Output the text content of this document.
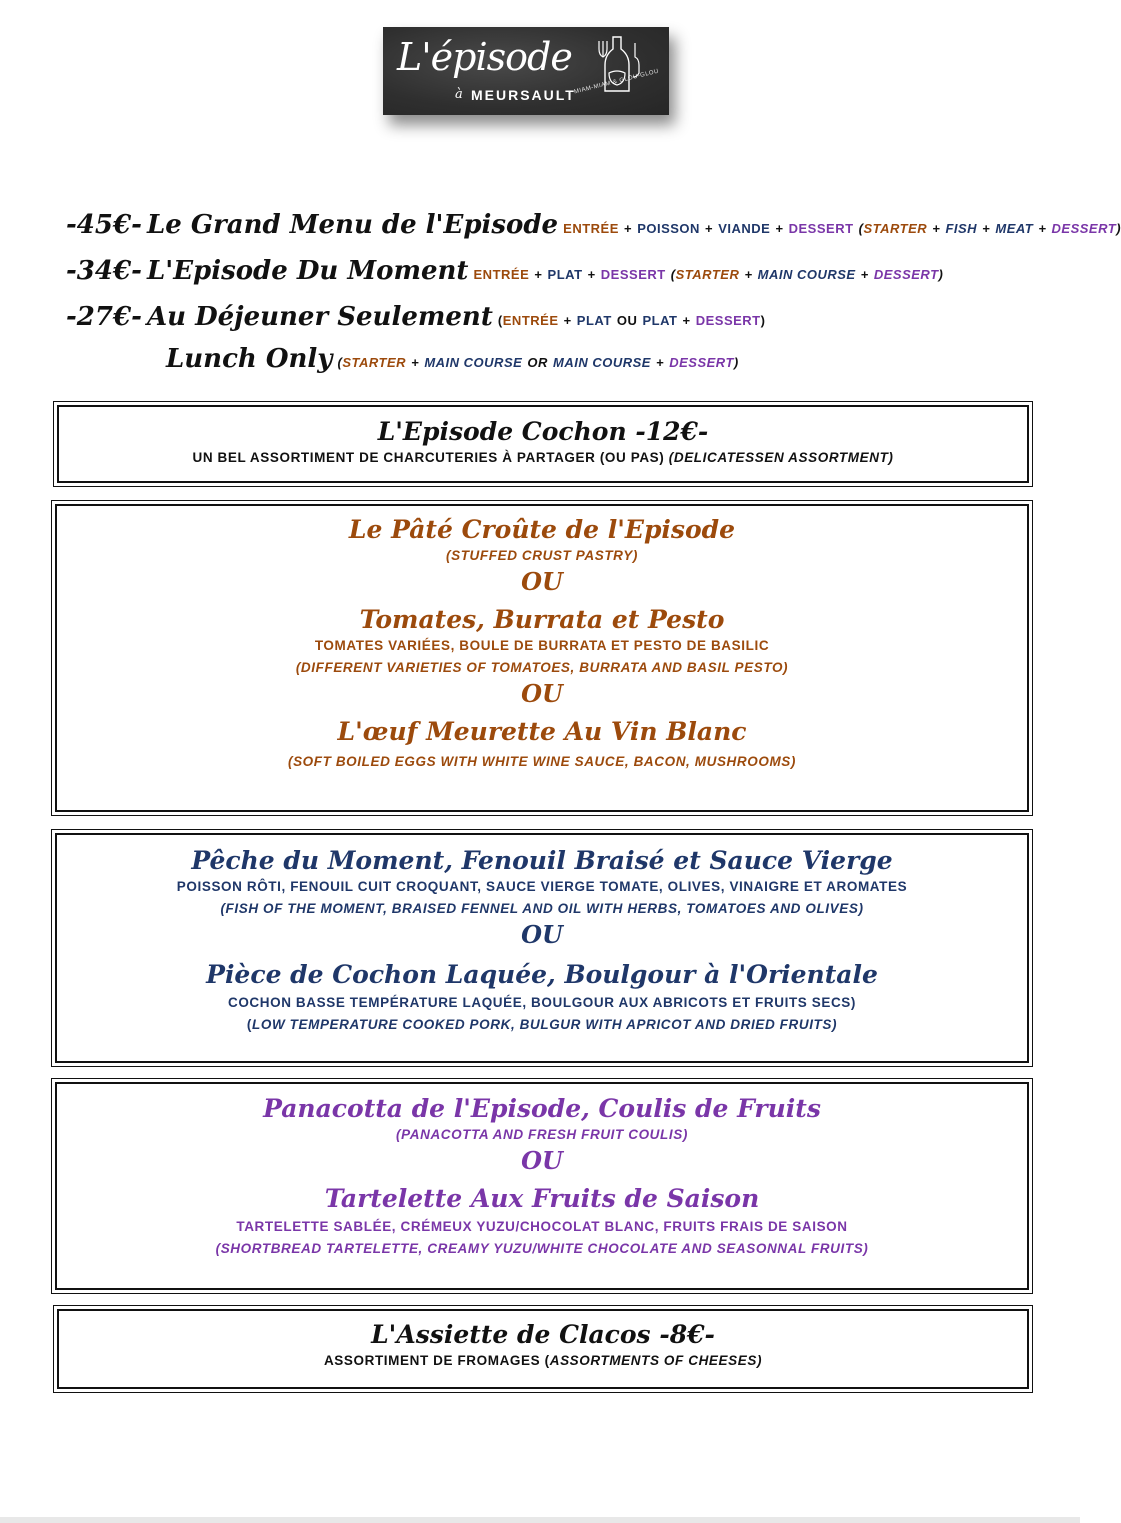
L'épisode
à MEURSAULT
MIAM-MIAM & GLOU-GLOU
-45€- Le Grand Menu de l'Episode ENTRÉE + POISSON + VIANDE + DESSERT (STARTER + FISH + MEAT + DESSERT)
-34€- L'Episode Du Moment ENTRÉE + PLAT + DESSERT (STARTER + MAIN COURSE + DESSERT)
-27€- Au Déjeuner Seulement (ENTRÉE + PLAT OU PLAT + DESSERT)
Lunch Only (STARTER + MAIN COURSE OR MAIN COURSE + DESSERT)
L'Episode Cochon -12€-
UN BEL ASSORTIMENT DE CHARCUTERIES À PARTAGER (OU PAS) (DELICATESSEN ASSORTMENT)
Le Pâté Croûte de l'Episode
(STUFFED CRUST PASTRY)
OU
Tomates, Burrata et Pesto
TOMATES VARIÉES, BOULE DE BURRATA ET PESTO DE BASILIC
(DIFFERENT VARIETIES OF TOMATOES, BURRATA AND BASIL PESTO)
OU
L'œuf Meurette Au Vin Blanc
(SOFT BOILED EGGS WITH WHITE WINE SAUCE, BACON, MUSHROOMS)
Pêche du Moment, Fenouil Braisé et Sauce Vierge
POISSON RÔTI, FENOUIL CUIT CROQUANT, SAUCE VIERGE TOMATE, OLIVES, VINAIGRE ET AROMATES
(FISH OF THE MOMENT, BRAISED FENNEL AND OIL WITH HERBS, TOMATOES AND OLIVES)
OU
Pièce de Cochon Laquée, Boulgour à l'Orientale
COCHON BASSE TEMPÉRATURE LAQUÉE, BOULGOUR AUX ABRICOTS ET FRUITS SECS)
(LOW TEMPERATURE COOKED PORK, BULGUR WITH APRICOT AND DRIED FRUITS)
Panacotta de l'Episode, Coulis de Fruits
(PANACOTTA AND FRESH FRUIT COULIS)
OU
Tartelette Aux Fruits de Saison
TARTELETTE SABLÉE, CRÉMEUX YUZU/CHOCOLAT BLANC, FRUITS FRAIS DE SAISON
(SHORTBREAD TARTELETTE, CREAMY YUZU/WHITE CHOCOLATE AND SEASONNAL FRUITS)
L'Assiette de Clacos -8€-
ASSORTIMENT DE FROMAGES (ASSORTMENTS OF CHEESES)
